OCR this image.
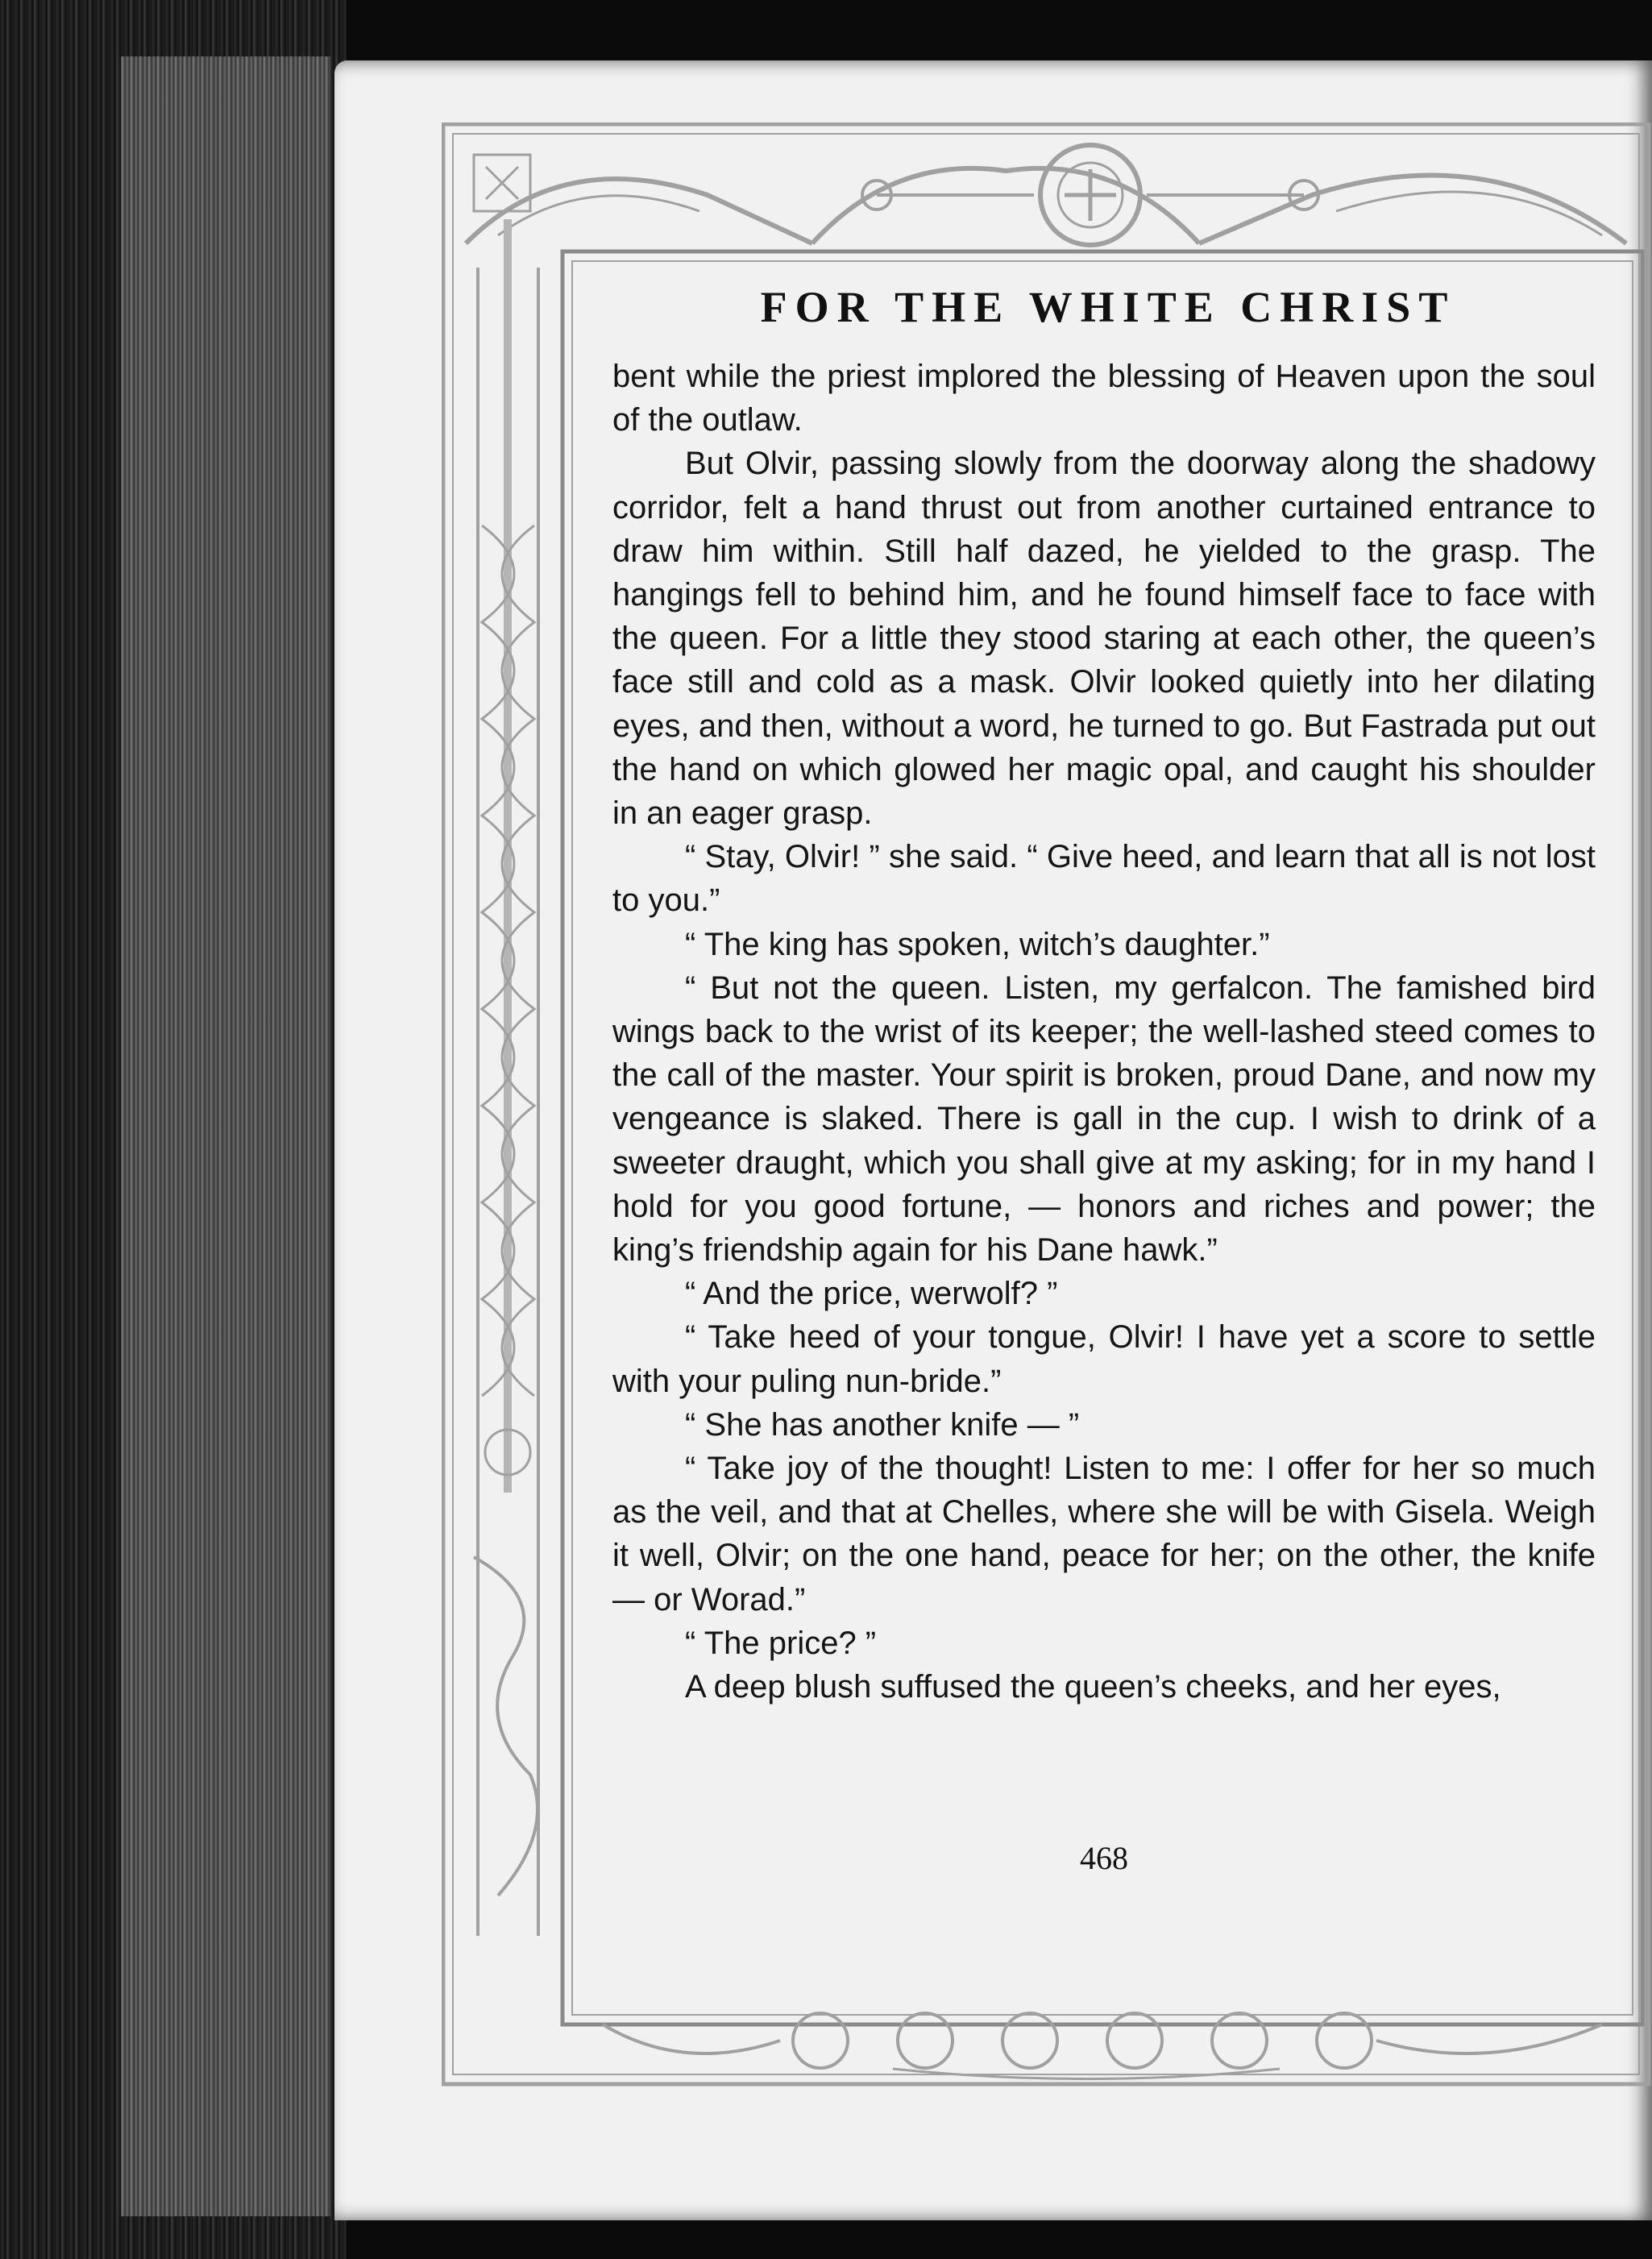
FOR THE WHITE CHRIST

bent while the priest implored the blessing of Heaven upon the soul of the outlaw.

But Olvir, passing slowly from the doorway along the shadowy corridor, felt a hand thrust out from another curtained entrance to draw him within. Still half dazed, he yielded to the grasp. The hangings fell to behind him, and he found himself face to face with the queen. For a little they stood staring at each other, the queen’s face still and cold as a mask. Olvir looked quietly into her dilating eyes, and then, without a word, he turned to go. But Fastrada put out the hand on which glowed her magic opal, and caught his shoulder in an eager grasp.

“ Stay, Olvir! ” she said. “ Give heed, and learn that all is not lost to you.”

“ The king has spoken, witch’s daughter.”

“ But not the queen. Listen, my gerfalcon. The famished bird wings back to the wrist of its keeper; the well-lashed steed comes to the call of the master. Your spirit is broken, proud Dane, and now my vengeance is slaked. There is gall in the cup. I wish to drink of a sweeter draught, which you shall give at my asking; for in my hand I hold for you good fortune, — honors and riches and power; the king’s friendship again for his Dane hawk.”

“ And the price, werwolf? ”

“ Take heed of your tongue, Olvir! I have yet a score to settle with your puling nun-bride.”

“ She has another knife — ”

“ Take joy of the thought! Listen to me: I offer for her so much as the veil, and that at Chelles, where she will be with Gisela. Weigh it well, Olvir; on the one hand, peace for her; on the other, the knife — or Worad.”

“ The price? ”

A deep blush suffused the queen’s cheeks, and her eyes,

468
